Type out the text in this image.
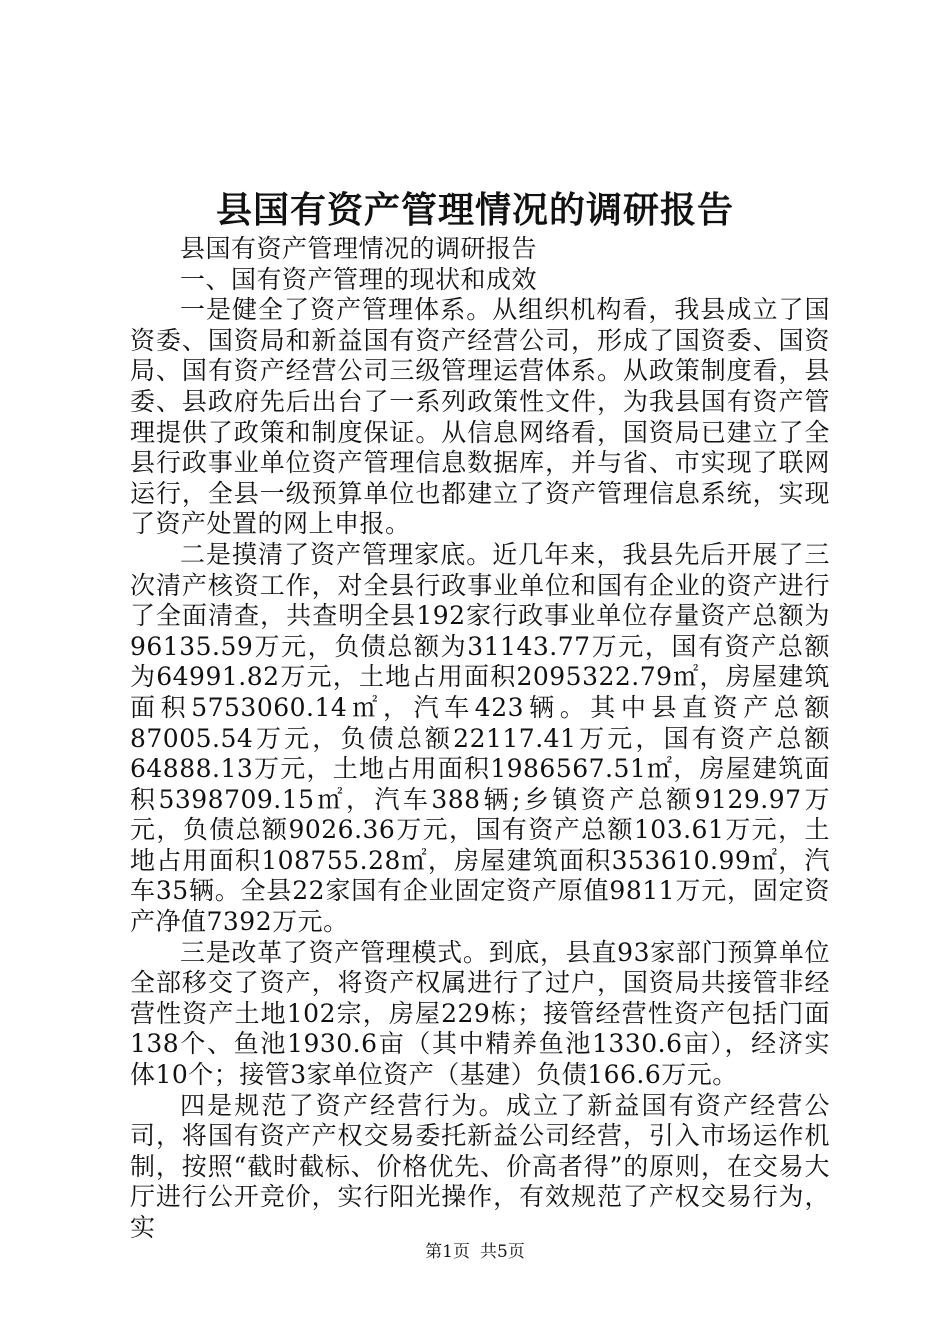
县国有资产管理情况的调研报告

县国有资产管理情况的调研报告

一、国有资产管理的现状和成效

一是健全了资产管理体系。从组织机构看，我县成立了国资委、国资局和新益国有资产经营公司，形成了国资委、国资局、国有资产经营公司三级管理运营体系。从政策制度看，县委、县政府先后出台了一系列政策性文件，为我县国有资产管理提供了政策和制度保证。从信息网络看，国资局已建立了全县行政事业单位资产管理信息数据库，并与省、市实现了联网运行，全县一级预算单位也都建立了资产管理信息系统，实现了资产处置的网上申报。

二是摸清了资产管理家底。近几年来，我县先后开展了三次清产核资工作，对全县行政事业单位和国有企业的资产进行了全面清查，共查明全县192家行政事业单位存量资产总额为96135.59万元，负债总额为31143.77万元，国有资产总额为64991.82万元，土地占用面积2095322.79㎡，房屋建筑面积5753060.14㎡，汽车423辆。其中县直资产总额87005.54万元，负债总额22117.41万元，国有资产总额64888.13万元，土地占用面积1986567.51㎡，房屋建筑面积5398709.15㎡，汽车388辆;乡镇资产总额9129.97万元，负债总额9026.36万元，国有资产总额103.61万元，土地占用面积108755.28㎡，房屋建筑面积353610.99㎡，汽车35辆。全县22家国有企业固定资产原值9811万元，固定资产净值7392万元。

三是改革了资产管理模式。到底，县直93家部门预算单位全部移交了资产，将资产权属进行了过户，国资局共接管非经营性资产土地102宗，房屋229栋；接管经营性资产包括门面138个、鱼池1930.6亩（其中精养鱼池1330.6亩），经济实体10个；接管3家单位资产（基建）负债166.6万元。

四是规范了资产经营行为。成立了新益国有资产经营公司，将国有资产产权交易委托新益公司经营，引入市场运作机制，按照“截时截标、价格优先、价高者得”的原则，在交易大厅进行公开竞价，实行阳光操作，有效规范了产权交易行为，实

第1页 共5页
